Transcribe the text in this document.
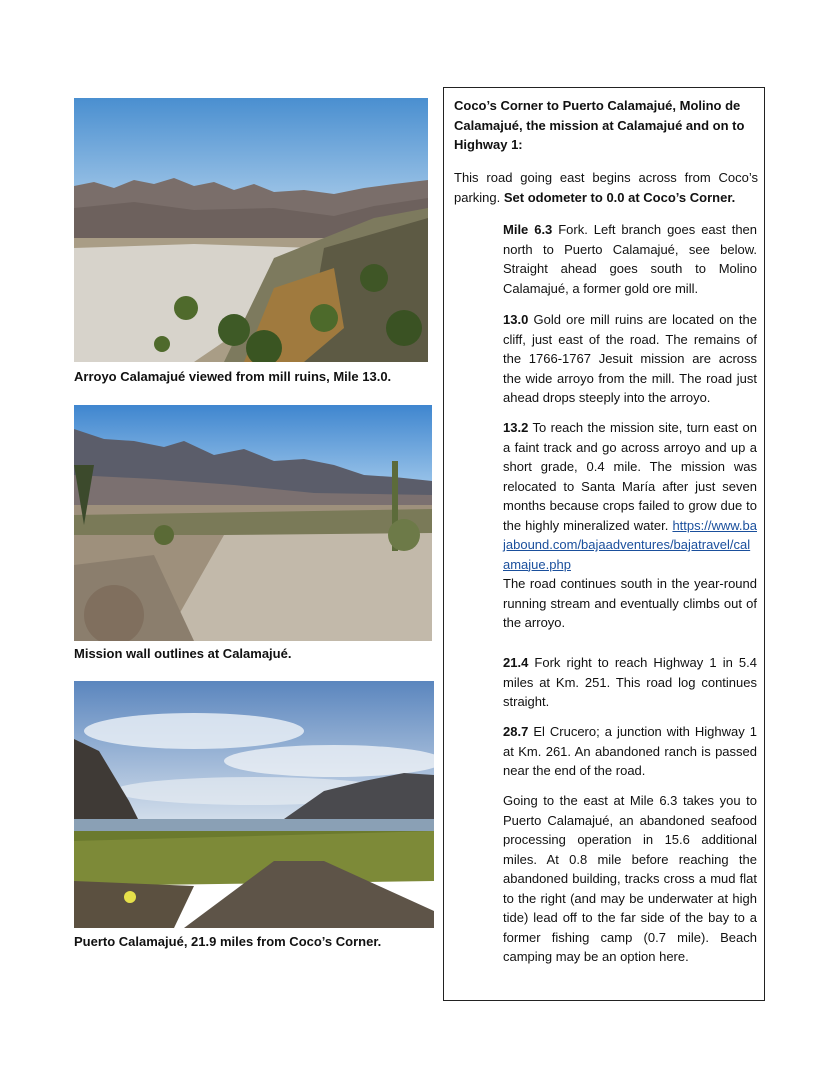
Arroyo Calamajué viewed from mill ruins, Mile 13.0.
Mission wall outlines at Calamajué.
Puerto Calamajué, 21.9 miles from Coco’s Corner.
Coco’s Corner to Puerto Calamajué, Molino de Calamajué, the mission at Calamajué and on to Highway 1:

This road going east begins across from Coco’s parking. Set odometer to 0.0 at Coco’s Corner.

Mile 6.3 Fork. Left branch goes east then north to Puerto Calamajué, see below. Straight ahead goes south to Molino Calamajué, a former gold ore mill.

13.0 Gold ore mill ruins are located on the cliff, just east of the road. The remains of the 1766-1767 Jesuit mission are across the wide arroyo from the mill. The road just ahead drops steeply into the arroyo.

13.2 To reach the mission site, turn east on a faint track and go across arroyo and up a short grade, 0.4 mile. The mission was relocated to Santa María after just seven months because crops failed to grow due to the highly mineralized water. https://www.bajabound.com/bajaadventures/bajatravel/calamajue.php

The road continues south in the year-round running stream and eventually climbs out of the arroyo.

21.4 Fork right to reach Highway 1 in 5.4 miles at Km. 251. This road log continues straight.

28.7 El Crucero; a junction with Highway 1 at Km. 261. An abandoned ranch is passed near the end of the road.

Going to the east at Mile 6.3 takes you to Puerto Calamajué, an abandoned seafood processing operation in 15.6 additional miles. At 0.8 mile before reaching the abandoned building, tracks cross a mud flat to the right (and may be underwater at high tide) lead off to the far side of the bay to a former fishing camp (0.7 mile). Beach camping may be an option here.
